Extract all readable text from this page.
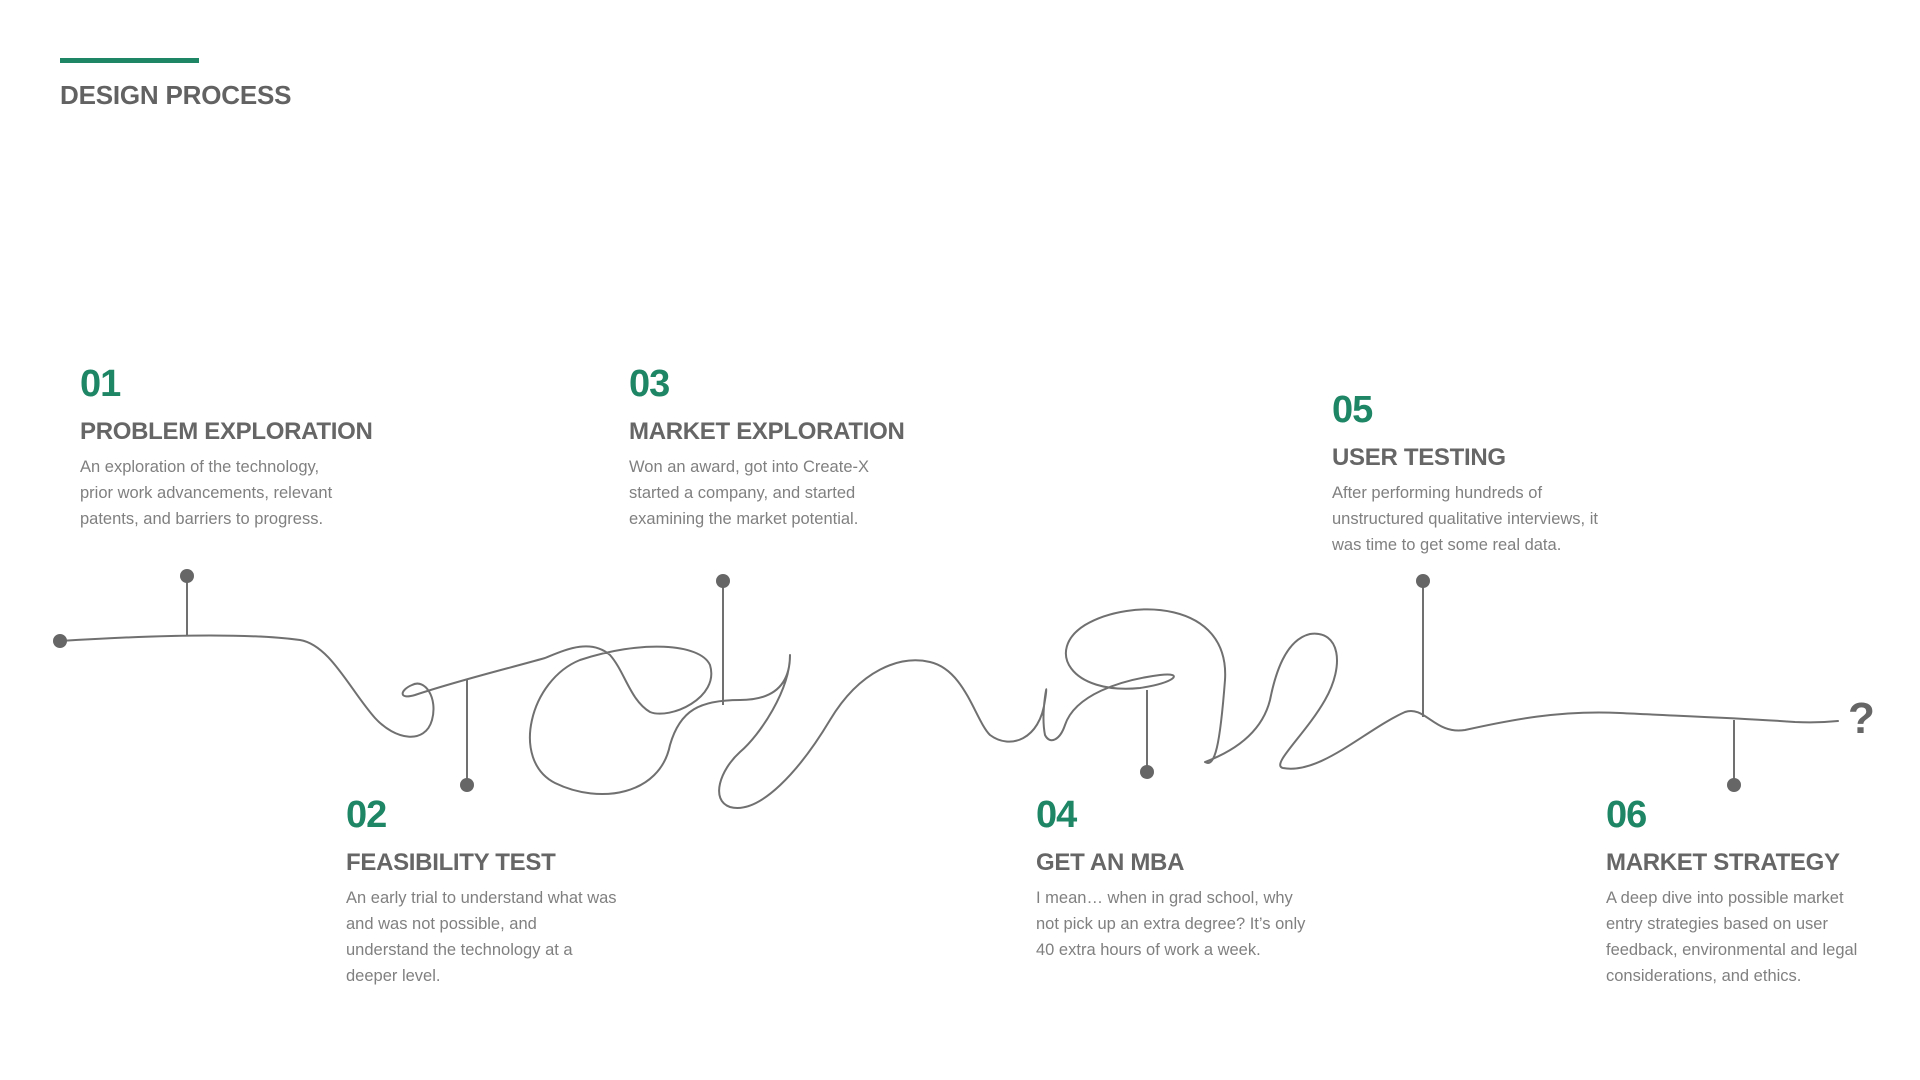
DESIGN PROCESS
?
01
PROBLEM EXPLORATION
An exploration of the technology, prior work advancements, relevant patents, and barriers to progress.
02
FEASIBILITY TEST
An early trial to understand what was and was not possible, and understand the technology at a deeper level.
03
MARKET EXPLORATION
Won an award, got into Create-X started a company, and started examining the market potential.
04
GET AN MBA
I mean… when in grad school, why not pick up an extra degree? It’s only 40 extra hours of work a week.
05
USER TESTING
After performing hundreds of unstructured qualitative interviews, it was time to get some real data.
06
MARKET STRATEGY
A deep dive into possible market entry strategies based on user feedback, environmental and legal considerations, and ethics.
